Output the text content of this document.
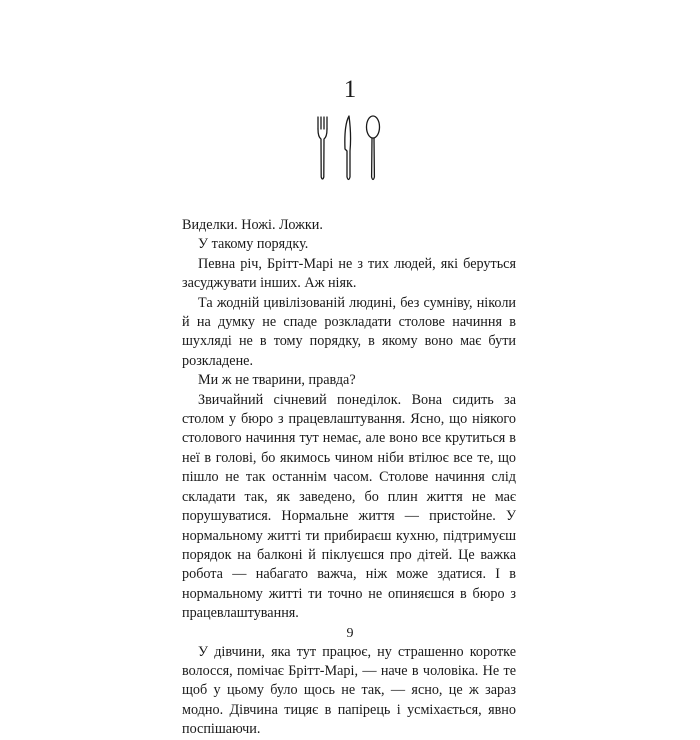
1

Виделки. Ножі. Ложки.

У такому порядку.

Певна річ, Брітт-Марі не з тих людей, які беруться засуджувати інших. Аж ніяк.

Та жодній цивілізованій людині, без сумніву, ніколи й на думку не спаде розкладати столове начиння в шухляді не в тому порядку, в якому воно має бути розкладене.

Ми ж не тварини, правда?

Звичайний січневий понеділок. Вона сидить за столом у бюро з працевлаштування. Ясно, що ніякого столового начиння тут немає, але воно все крутиться в неї в голові, бо якимось чином ніби втілює все те, що пішло не так останнім часом. Столове начиння слід складати так, як заведено, бо плин життя не має порушуватися. Нормальне життя — пристойне. У нормальному житті ти прибираєш кухню, підтримуєш порядок на балконі й піклуєшся про дітей. Це важка робота — набагато важча, ніж може здатися. І в нормальному житті ти точно не опиняєшся в бюро з працевлаштування.

У дівчини, яка тут працює, ну страшенно коротке волосся, помічає Брітт-Марі, — наче в чоловіка. Не те щоб у цьому було щось не так, — ясно, це ж зараз модно. Дівчина тицяє в папірець і усміхається, явно поспішаючи.

9
